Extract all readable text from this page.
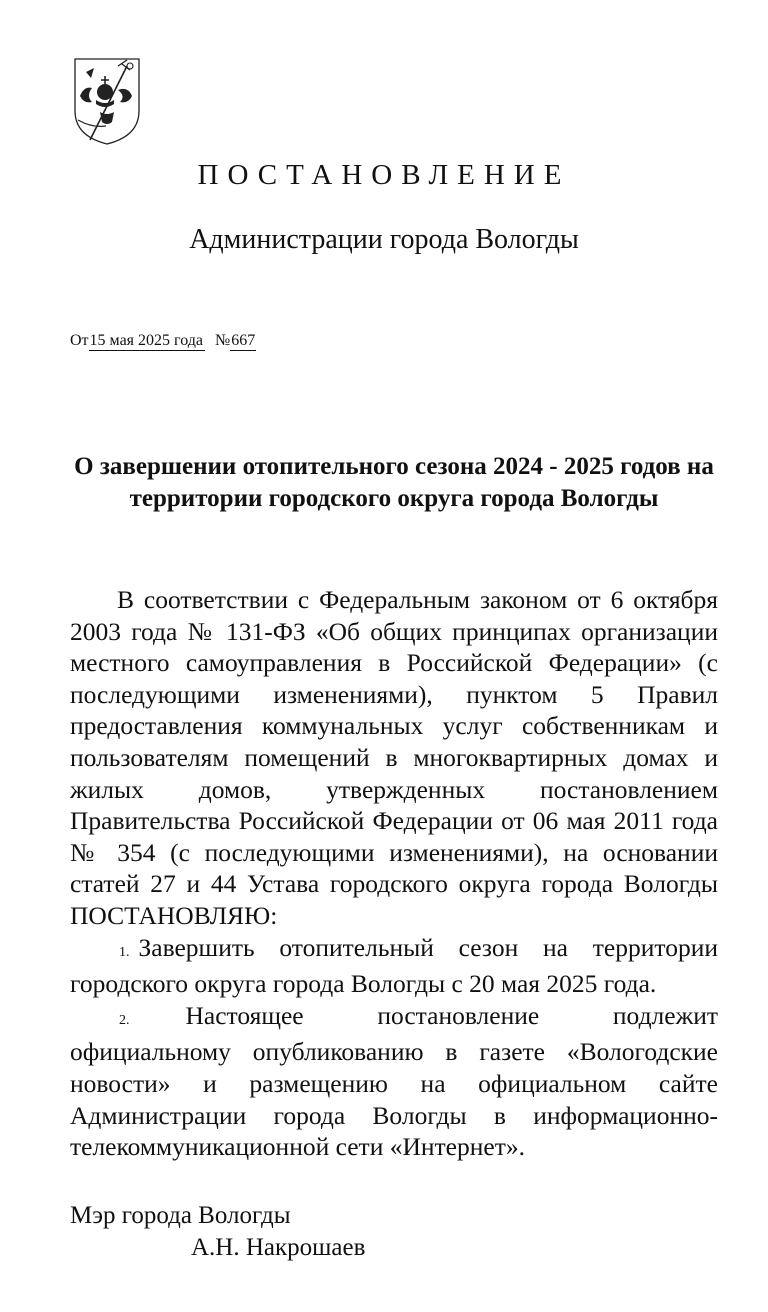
ПОСТАНОВЛЕНИЕ
Администрации города Вологды
От15 мая 2025 года №667
О завершении отопительного сезона 2024 - 2025 годов на территории городского округа города Вологды

В соответствии с Федеральным законом от 6 октября 2003 года № 131-ФЗ «Об общих принципах организации местного самоуправления в Российской Федерации» (с последующими изменениями), пунктом 5 Правил предоставления коммунальных услуг собственникам и пользователям помещений в многоквартирных домах и жилых домов, утвержденных постановлением Правительства Российской Федерации от 06 мая 2011 года № 354 (с последующими изменениями), на основании статей 27 и 44 Устава городского округа города Вологды ПОСТАНОВЛЯЮ:

1. Завершить отопительный сезон на территории городского округа города Вологды с 20 мая 2025 года.

2. Настоящее постановление подлежит официальному опубликованию в газете «Вологодские новости» и размещению на официальном сайте Администрации города Вологды в информационно-телекоммуникационной сети «Интернет».

Мэр города Вологды
А.Н. Накрошаев
